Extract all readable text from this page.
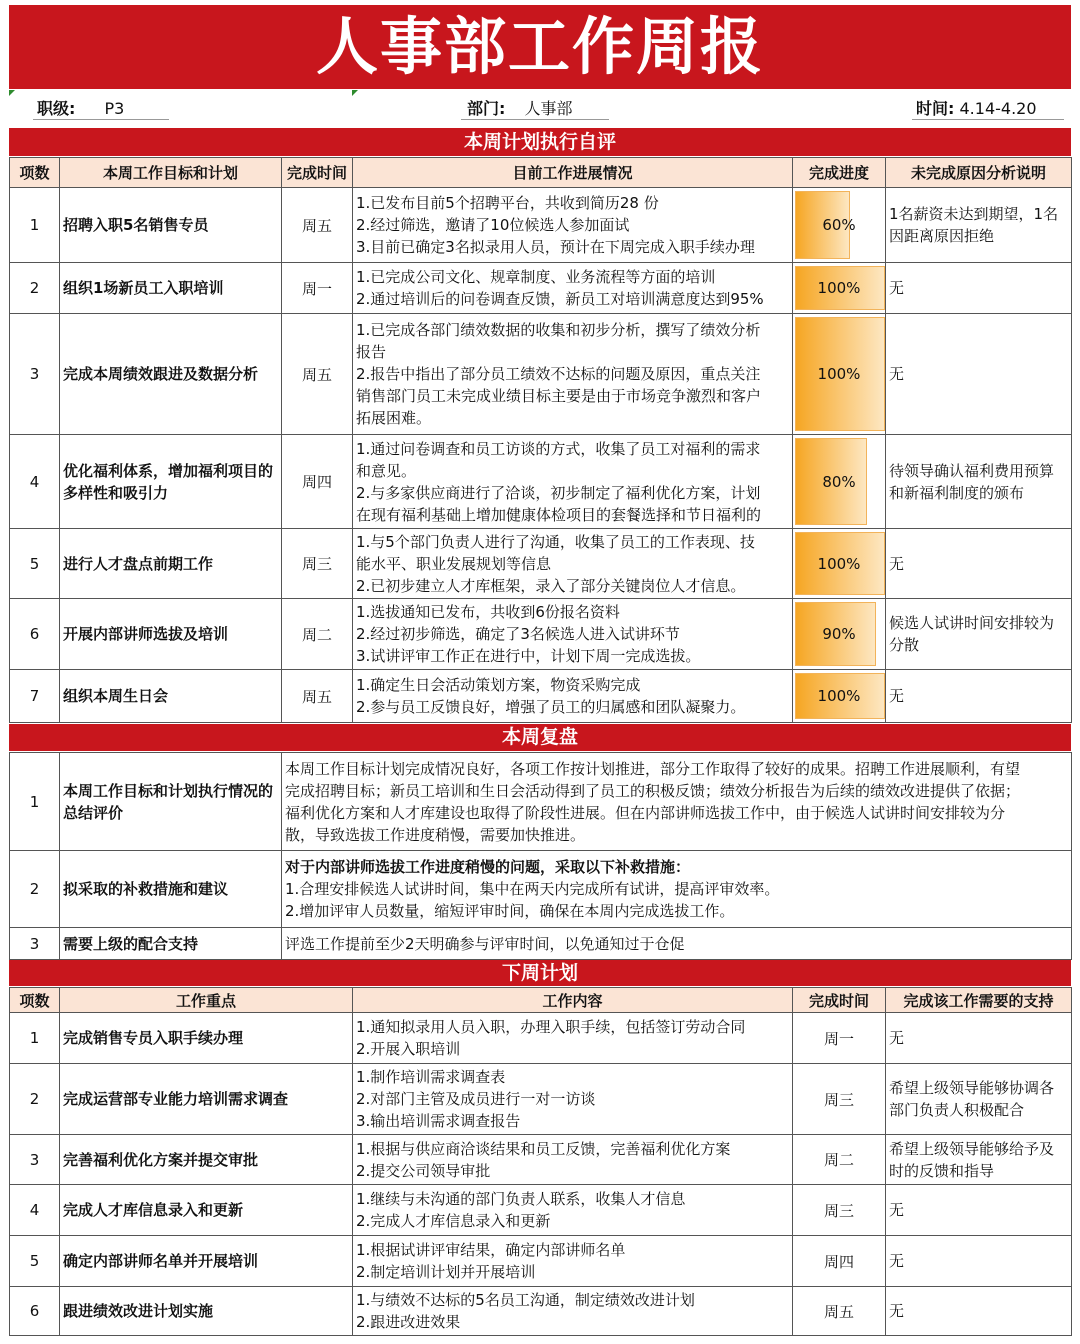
人事部工作周报
职级: P3	部门: 人事部	时间: 4.14-4.20
本周计划执行自评
项数	本周工作目标和计划	完成时间	目前工作进展情况	完成进度	未完成原因分析说明
1	招聘入职5名销售专员	周五	1.已发布目前5个招聘平台，共收到简历28 份
2.经过筛选，邀请了10位候选人参加面试
3.目前已确定3名拟录用人员，预计在下周完成入职手续办理	60%	1名薪资未达到期望，1名因距离原因拒绝
2	组织1场新员工入职培训	周一	1.已完成公司文化、规章制度、业务流程等方面的培训
2.通过培训后的问卷调查反馈，新员工对培训满意度达到95%	100%	无
3	完成本周绩效跟进及数据分析	周五	1.已完成各部门绩效数据的收集和初步分析，撰写了绩效分析
报告
2.报告中指出了部分员工绩效不达标的问题及原因，重点关注
销售部门员工未完成业绩目标主要是由于市场竞争激烈和客户
拓展困难。	100%	无
4	优化福利体系，增加福利项目的多样性和吸引力	周四	1.通过问卷调查和员工访谈的方式，收集了员工对福利的需求
和意见。
2.与多家供应商进行了洽谈，初步制定了福利优化方案，计划
在现有福利基础上增加健康体检项目的套餐选择和节日福利的	80%	待领导确认福利费用预算和新福利制度的颁布
5	进行人才盘点前期工作	周三	1.与5个部门负责人进行了沟通，收集了员工的工作表现、技
能水平、职业发展规划等信息
2.已初步建立人才库框架，录入了部分关键岗位人才信息。	100%	无
6	开展内部讲师选拔及培训	周二	1.选拔通知已发布，共收到6份报名资料
2.经过初步筛选，确定了3名候选人进入试讲环节
3.试讲评审工作正在进行中，计划下周一完成选拔。	90%	候选人试讲时间安排较为分散
7	组织本周生日会	周五	1.确定生日会活动策划方案，物资采购完成
2.参与员工反馈良好，增强了员工的归属感和团队凝聚力。	100%	无
本周复盘
1	本周工作目标和计划执行情况的总结评价	本周工作目标计划完成情况良好，各项工作按计划推进，部分工作取得了较好的成果。招聘工作进展顺利，有望
完成招聘目标；新员工培训和生日会活动得到了员工的积极反馈；绩效分析报告为后续的绩效改进提供了依据；
福利优化方案和人才库建设也取得了阶段性进展。但在内部讲师选拔工作中，由于候选人试讲时间安排较为分
散，导致选拔工作进度稍慢，需要加快推进。

2	拟采取的补救措施和建议	对于内部讲师选拔工作进度稍慢的问题，采取以下补救措施：
1.合理安排候选人试讲时间，集中在两天内完成所有试讲，提高评审效率。
2.增加评审人员数量，缩短评审时间，确保在本周内完成选拔工作。

3	需要上级的配合支持	评选工作提前至少2天明确参与评审时间，以免通知过于仓促
下周计划
项数	工作重点	工作内容	完成时间	完成该工作需要的支持
1	完成销售专员入职手续办理	1.通知拟录用人员入职，办理入职手续，包括签订劳动合同
2.开展入职培训	周一	无
2	完成运营部专业能力培训需求调查	1.制作培训需求调查表
2.对部门主管及成员进行一对一访谈
3.输出培训需求调查报告	周三	希望上级领导能够协调各部门负责人积极配合
3	完善福利优化方案并提交审批	1.根据与供应商洽谈结果和员工反馈，完善福利优化方案
2.提交公司领导审批	周二	希望上级领导能够给予及时的反馈和指导
4	完成人才库信息录入和更新	1.继续与未沟通的部门负责人联系，收集人才信息
2.完成人才库信息录入和更新	周三	无
5	确定内部讲师名单并开展培训	1.根据试讲评审结果，确定内部讲师名单
2.制定培训计划并开展培训	周四	无
6	跟进绩效改进计划实施	1.与绩效不达标的5名员工沟通，制定绩效改进计划
2.跟进改进效果	周五	无
